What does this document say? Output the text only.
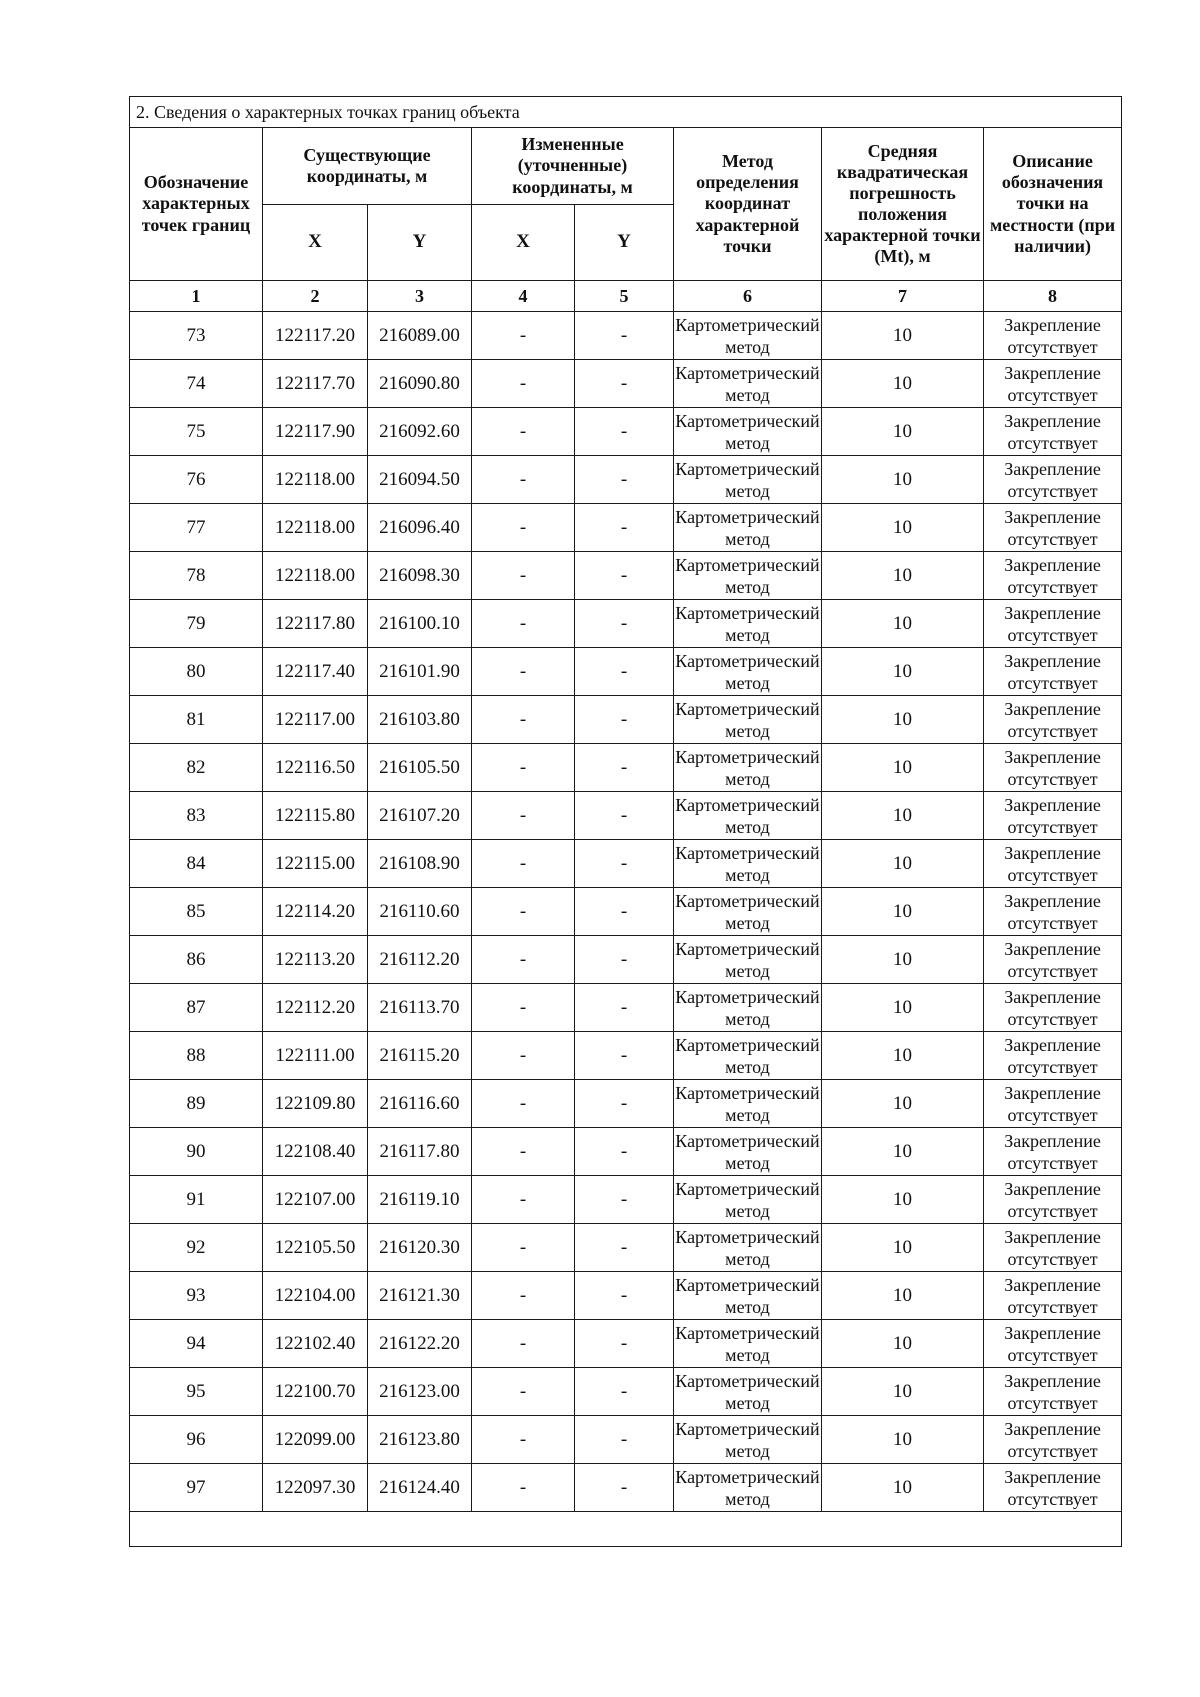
2. Сведения о характерных точках границ объекта							
Обозначение характерных точек границ	Существующие координаты, м		Измененные (уточненные) координаты, м		Метод определения координат характерной точки	Средняя квадратическая погрешность положения характерной точки (Mt), м	Описание обозначения точки на местности (при наличии)
	X	Y	X	Y			
1	2	3	4	5	6	7	8
73	122117.20	216089.00	-	-	Картометрический метод	10	Закрепление отсутствует
74	122117.70	216090.80	-	-	Картометрический метод	10	Закрепление отсутствует
75	122117.90	216092.60	-	-	Картометрический метод	10	Закрепление отсутствует
76	122118.00	216094.50	-	-	Картометрический метод	10	Закрепление отсутствует
77	122118.00	216096.40	-	-	Картометрический метод	10	Закрепление отсутствует
78	122118.00	216098.30	-	-	Картометрический метод	10	Закрепление отсутствует
79	122117.80	216100.10	-	-	Картометрический метод	10	Закрепление отсутствует
80	122117.40	216101.90	-	-	Картометрический метод	10	Закрепление отсутствует
81	122117.00	216103.80	-	-	Картометрический метод	10	Закрепление отсутствует
82	122116.50	216105.50	-	-	Картометрический метод	10	Закрепление отсутствует
83	122115.80	216107.20	-	-	Картометрический метод	10	Закрепление отсутствует
84	122115.00	216108.90	-	-	Картометрический метод	10	Закрепление отсутствует
85	122114.20	216110.60	-	-	Картометрический метод	10	Закрепление отсутствует
86	122113.20	216112.20	-	-	Картометрический метод	10	Закрепление отсутствует
87	122112.20	216113.70	-	-	Картометрический метод	10	Закрепление отсутствует
88	122111.00	216115.20	-	-	Картометрический метод	10	Закрепление отсутствует
89	122109.80	216116.60	-	-	Картометрический метод	10	Закрепление отсутствует
90	122108.40	216117.80	-	-	Картометрический метод	10	Закрепление отсутствует
91	122107.00	216119.10	-	-	Картометрический метод	10	Закрепление отсутствует
92	122105.50	216120.30	-	-	Картометрический метод	10	Закрепление отсутствует
93	122104.00	216121.30	-	-	Картометрический метод	10	Закрепление отсутствует
94	122102.40	216122.20	-	-	Картометрический метод	10	Закрепление отсутствует
95	122100.70	216123.00	-	-	Картометрический метод	10	Закрепление отсутствует
96	122099.00	216123.80	-	-	Картометрический метод	10	Закрепление отсутствует
97	122097.30	216124.40	-	-	Картометрический метод	10	Закрепление отсутствует
